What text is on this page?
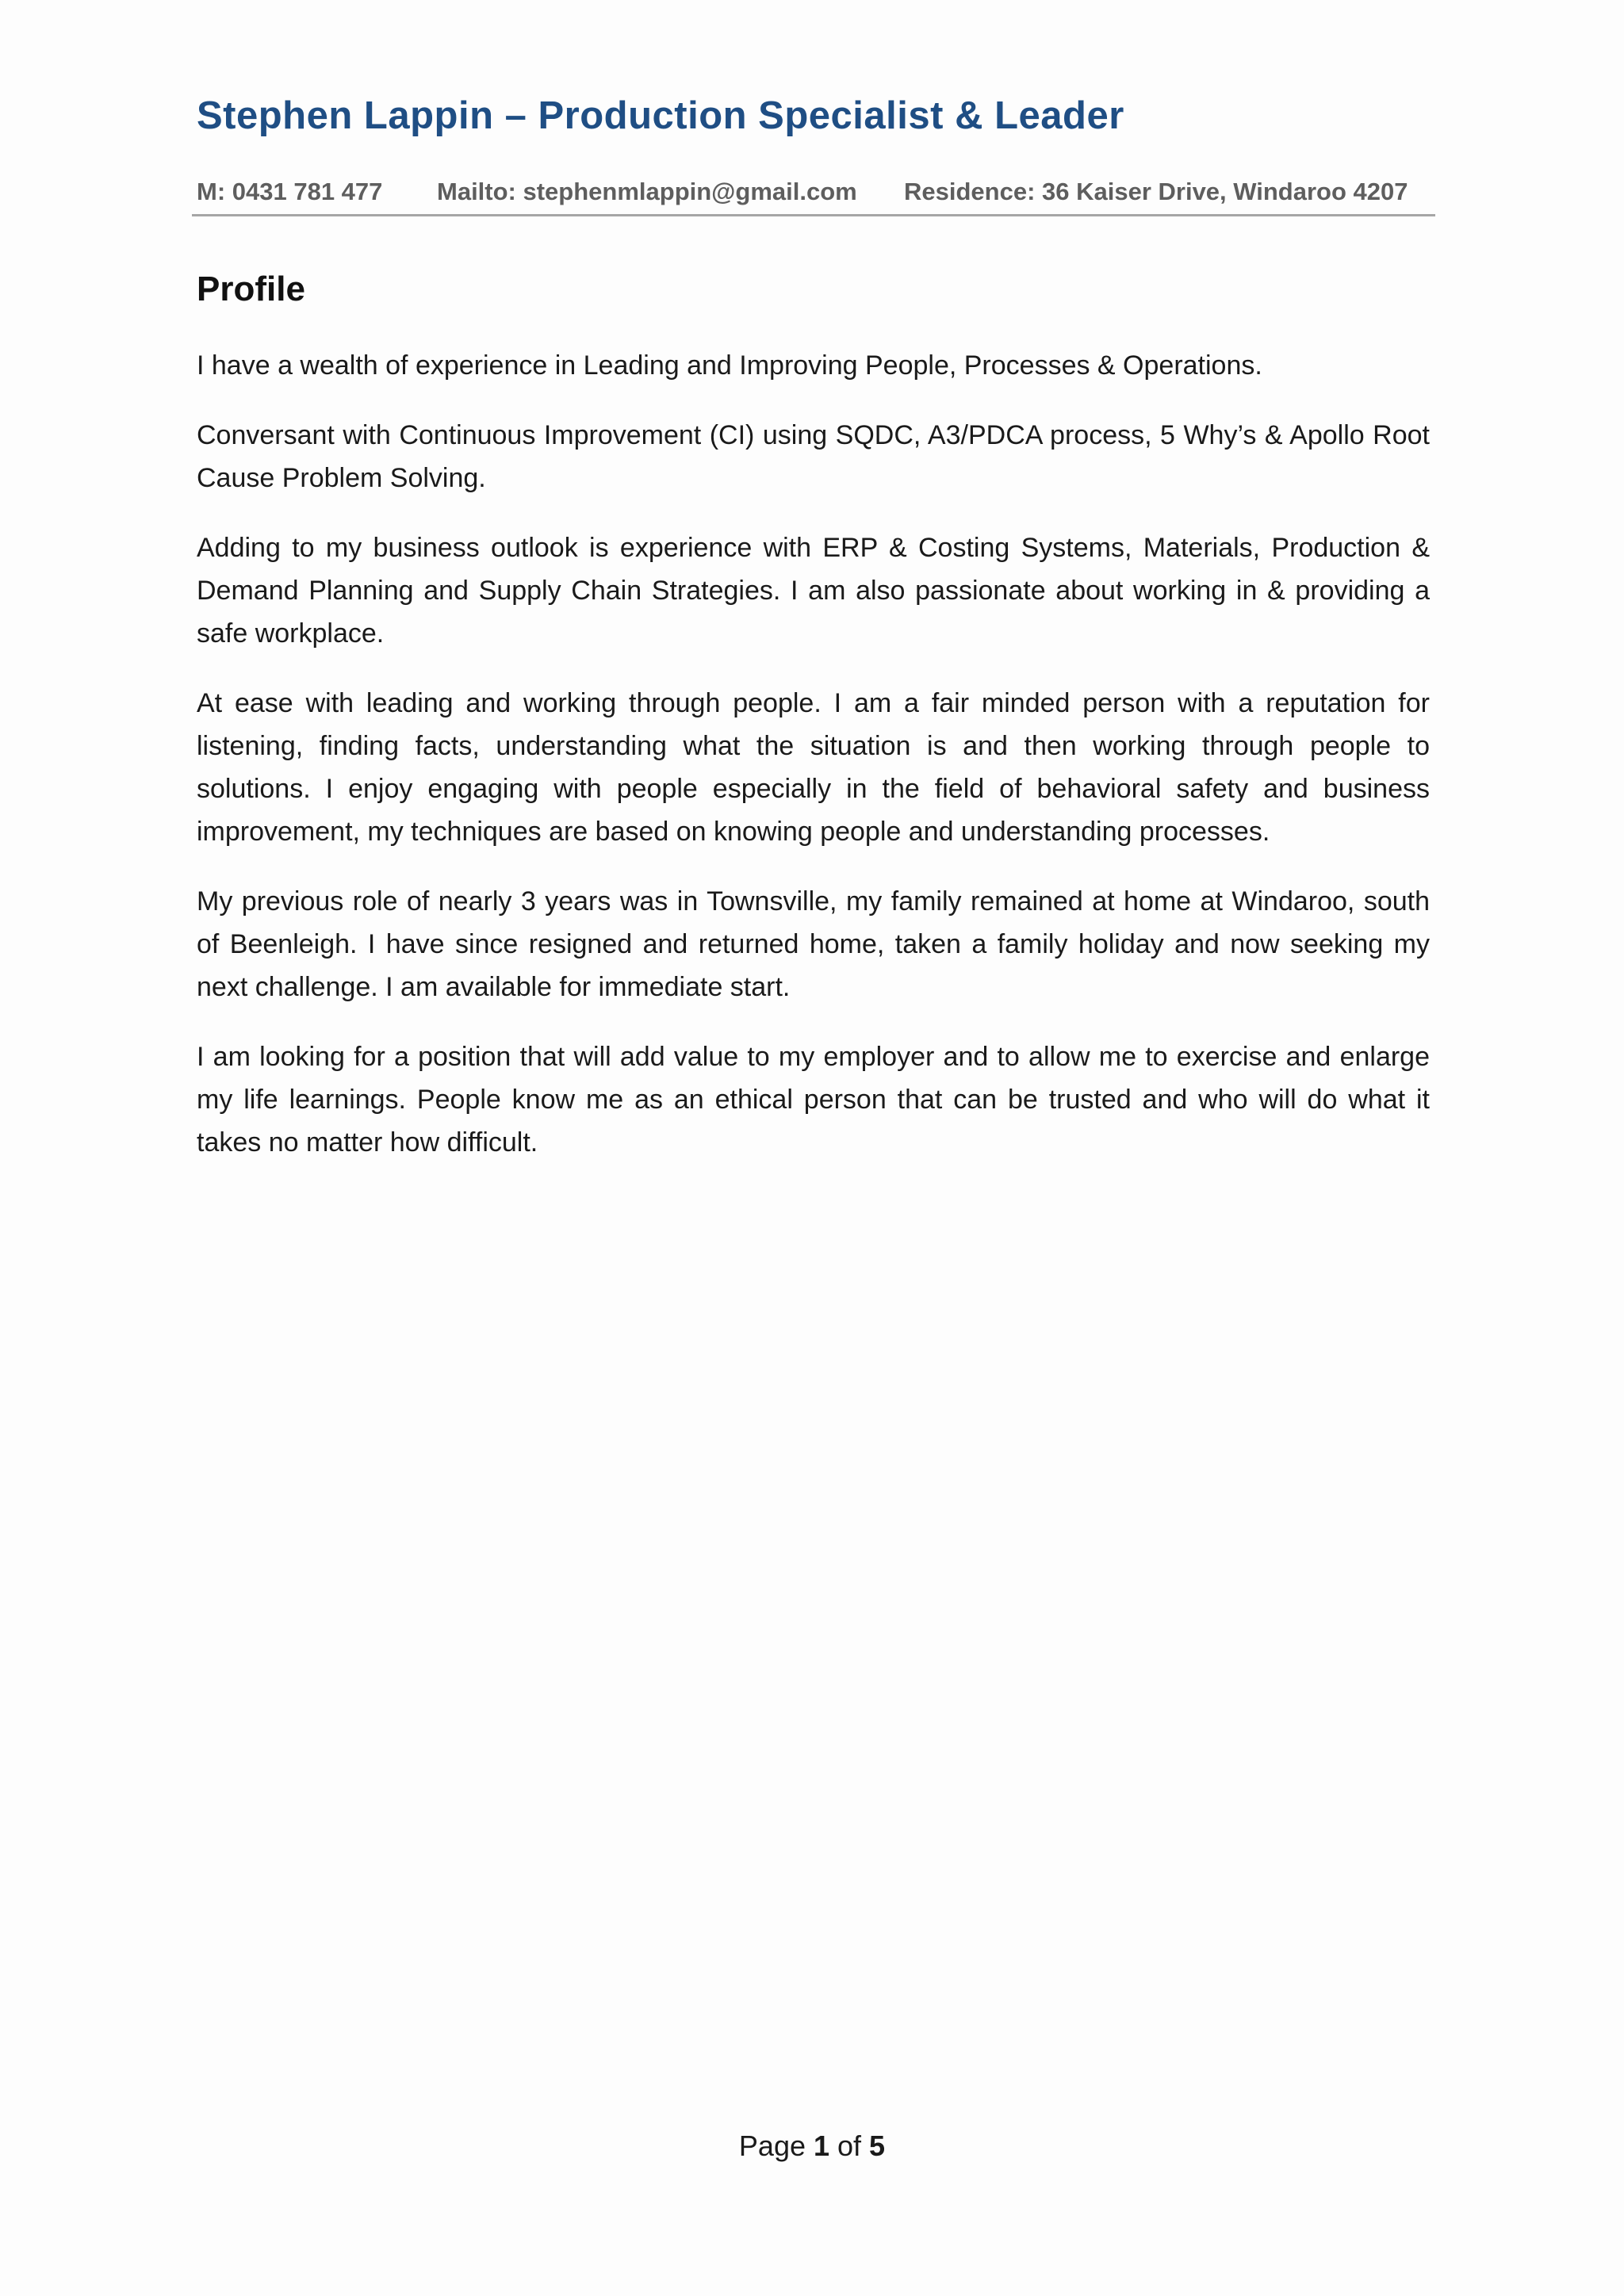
Stephen Lappin – Production Specialist & Leader
M: 0431 781 477 Mailto: stephenmlappin@gmail.com Residence: 36 Kaiser Drive, Windaroo 4207
Profile

I have a wealth of experience in Leading and Improving People, Processes & Operations.

Conversant with Continuous Improvement (CI) using SQDC, A3/PDCA process, 5 Why’s & Apollo Root Cause Problem Solving.

Adding to my business outlook is experience with ERP & Costing Systems, Materials, Production & Demand Planning and Supply Chain Strategies. I am also passionate about working in & providing a safe workplace.

At ease with leading and working through people. I am a fair minded person with a reputation for listening, finding facts, understanding what the situation is and then working through people to solutions. I enjoy engaging with people especially in the field of behavioral safety and business improvement, my techniques are based on knowing people and understanding processes.

My previous role of nearly 3 years was in Townsville, my family remained at home at Windaroo, south of Beenleigh. I have since resigned and returned home, taken a family holiday and now seeking my next challenge. I am available for immediate start.

I am looking for a position that will add value to my employer and to allow me to exercise and enlarge my life learnings. People know me as an ethical person that can be trusted and who will do what it takes no matter how difficult.

Page 1 of 5
